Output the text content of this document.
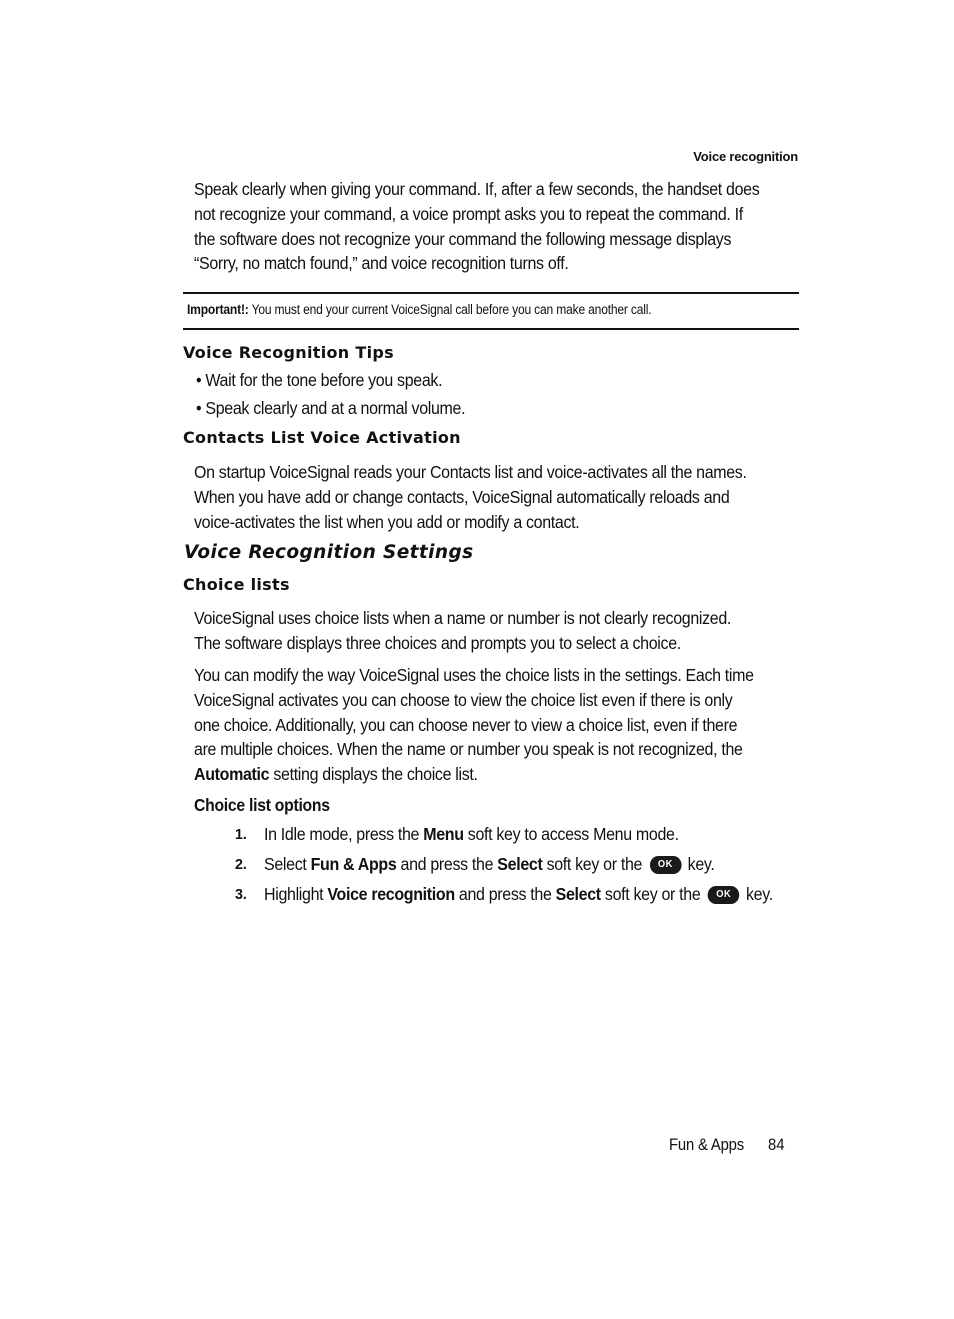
Voice recognition

Speak clearly when giving your command. If, after a few seconds, the handset does not recognize your command, a voice prompt asks you to repeat the command. If the software does not recognize your command the following message displays “Sorry, no match found,” and voice recognition turns off.

Important!: You must end your current VoiceSignal call before you can make another call.
Voice Recognition Tips
• Wait for the tone before you speak.
• Speak clearly and at a normal volume.
Contacts List Voice Activation

On startup VoiceSignal reads your Contacts list and voice-activates all the names. When you have add or change contacts, VoiceSignal automatically reloads and voice-activates the list when you add or modify a contact.

Voice Recognition Settings
Choice lists

VoiceSignal uses choice lists when a name or number is not clearly recognized. The software displays three choices and prompts you to select a choice.

You can modify the way VoiceSignal uses the choice lists in the settings. Each time VoiceSignal activates you can choose to view the choice list even if there is only one choice. Additionally, you can choose never to view a choice list, even if there are multiple choices. When the name or number you speak is not recognized, the Automatic setting displays the choice list.

Choice list options
1. In Idle mode, press the Menu soft key to access Menu mode.
2. Select Fun & Apps and press the Select soft key or the	OK key.
3. Highlight Voice recognition and press the Select soft key or the	OK key.
Fun & Apps 84
